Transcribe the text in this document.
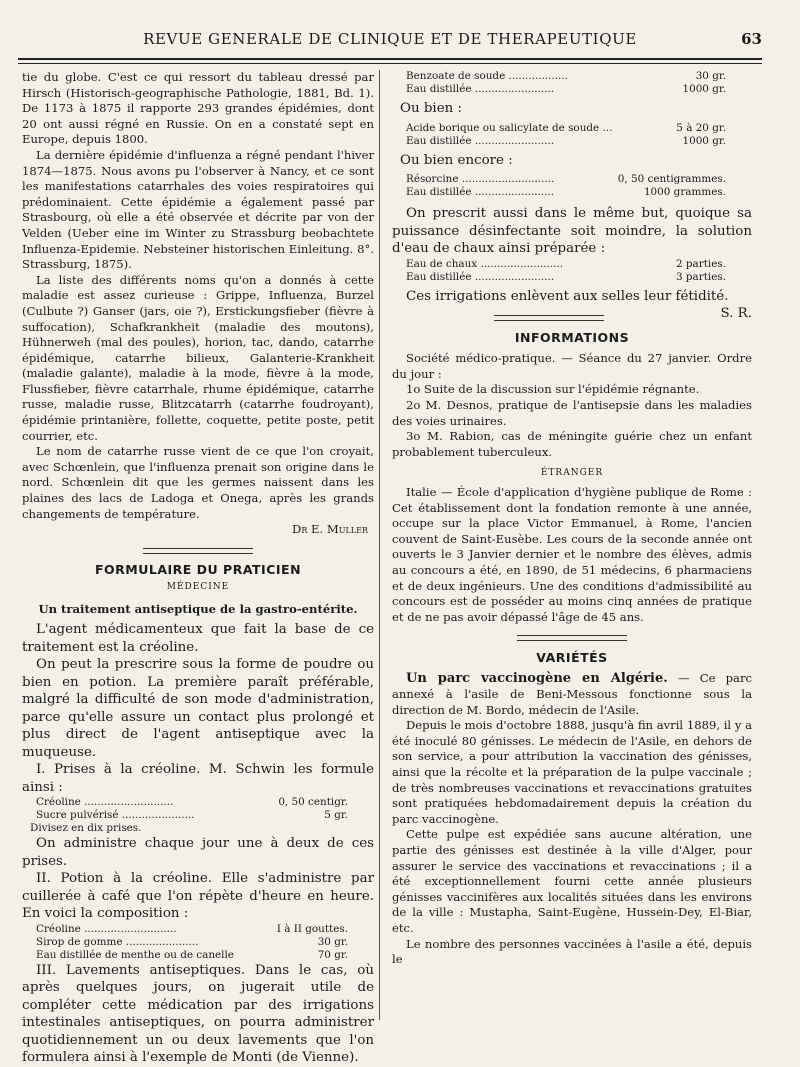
REVUE GENERALE DE CLINIQUE ET DE THERAPEUTIQUE	63

tie du globe. C'est ce qui ressort du tableau dressé par Hirsch (Historisch-geographische Pathologie, 1881, Bd. 1). De 1173 à 1875 il rapporte 293 grandes épidémies, dont 20 ont aussi régné en Russie. On en a constaté sept en Europe, depuis 1800.

La dernière épidémie d'influenza a régné pendant l'hiver 1874—1875. Nous avons pu l'observer à Nancy, et ce sont les manifestations catarrhales des voies respiratoires qui prédominaient. Cette épidémie a également passé par Strasbourg, où elle a été observée et décrite par von der Velden (Ueber eine im Winter zu Strassburg beobachtete Influenza-Epidemie. Nebsteiner historischen Einleitung. 8°. Strassburg, 1875).

La liste des différents noms qu'on a donnés à cette maladie est assez curieuse : Grippe, Influenza, Burzel (Culbute ?) Ganser (jars, oie ?), Erstickungsfieber (fièvre à suffocation), Schafkrankheit (maladie des moutons), Hühnerweh (mal des poules), horion, tac, dando, catarrhe épidémique, catarrhe bilieux, Galanterie-Krankheit (maladie galante), maladie à la mode, fièvre à la mode, Flussfieber, fièvre catarrhale, rhume épidémique, catarrhe russe, maladie russe, Blitzcatarrh (catarrhe foudroyant), épidémie printanière, follette, coquette, petite poste, petit courrier, etc.

Le nom de catarrhe russe vient de ce que l'on croyait, avec Schœnlein, que l'influenza prenait son origine dans le nord. Schœnlein dit que les germes naissent dans les plaines des lacs de Ladoga et Onega, après les grands changements de température.

Dr E. Muller

FORMULAIRE DU PRATICIEN
MÉDECINE
Un traitement antiseptique de la gastro-entérite.

L'agent médicamenteux que fait la base de ce traitement est la créoline.

On peut la prescrire sous la forme de poudre ou bien en potion. La première paraît préférable, malgré la difficulté de son mode d'administration, parce qu'elle assure un contact plus prolongé et plus direct de l'agent antiseptique avec la muqueuse.

I. Prises à la créoline. M. Schwin les formule ainsi :

Créoline ...........................	0, 50 centigr.
Sucre pulvérisé ......................	5 gr.
Divisez en dix prises.

On administre chaque jour une à deux de ces prises.

II. Potion à la créoline. Elle s'administre par cuillerée à café que l'on répète d'heure en heure. En voici la composition :

Créoline ............................	I à II gouttes.
Sirop de gomme ......................	30 gr.
Eau distillée de menthe ou de canelle	70 gr.

III. Lavements antiseptiques. Dans le cas, où après quelques jours, on jugerait utile de compléter cette médication par des irrigations intestinales antiseptiques, on pourra administrer quotidiennement un ou deux lavements que l'on formulera ainsi à l'exemple de Monti (de Vienne).

Benzoate de soude ..................	30 gr.
Eau distillée ........................	1000 gr.

Ou bien :

Acide borique ou salicylate de soude ...	5 à 20 gr.
Eau distillée ........................	1000 gr.

Ou bien encore :

Résorcine ............................	0, 50 centigrammes.
Eau distillée ........................	1000 grammes.

On prescrit aussi dans le même but, quoique sa puissance désinfectante soit moindre, la solution d'eau de chaux ainsi préparée :

Eau de chaux .........................	2 parties.
Eau distillée ........................	3 parties.

Ces irrigations enlèvent aux selles leur fétidité.
S. R.

INFORMATIONS

Société médico-pratique. — Séance du 27 janvier. Ordre du jour :

1o Suite de la discussion sur l'épidémie régnante.

2o M. Desnos, pratique de l'antisepsie dans les maladies des voies urinaires.

3o M. Rabion, cas de méningite guérie chez un enfant probablement tuberculeux.

ÉTRANGER

Italie — École d'application d'hygiène publique de Rome : Cet établissement dont la fondation remonte à une année, occupe sur la place Victor Emmanuel, à Rome, l'ancien couvent de Saint-Eusèbe. Les cours de la seconde année ont ouverts le 3 Janvier dernier et le nombre des élèves, admis au concours a été, en 1890, de 51 médecins, 6 pharmaciens et de deux ingénieurs. Une des conditions d'admissibilité au concours est de posséder au moins cinq années de pratique et de ne pas avoir dépassé l'âge de 45 ans.

VARIÉTÉS

Un parc vaccinogène en Algérie. — Ce parc annexé à l'asile de Beni-Messous fonctionne sous la direction de M. Bordo, médecin de l'Asile.

Depuis le mois d'octobre 1888, jusqu'à fin avril 1889, il y a été inoculé 80 génisses. Le médecin de l'Asile, en dehors de son service, a pour attribution la vaccination des génisses, ainsi que la récolte et la préparation de la pulpe vaccinale ; de très nombreuses vaccinations et revaccinations gratuites sont pratiquées hebdomadairement depuis la création du parc vaccinogène.

Cette pulpe est expédiée sans aucune altération, une partie des génisses est destinée à la ville d'Alger, pour assurer le service des vaccinations et revaccinations ; il a été exceptionnellement fourni cette année plusieurs génisses vaccinifères aux localités situées dans les environs de la ville : Mustapha, Saint-Eugène, Hussein-Dey, El-Biar, etc.

Le nombre des personnes vaccinées à l'asile a été, depuis le
